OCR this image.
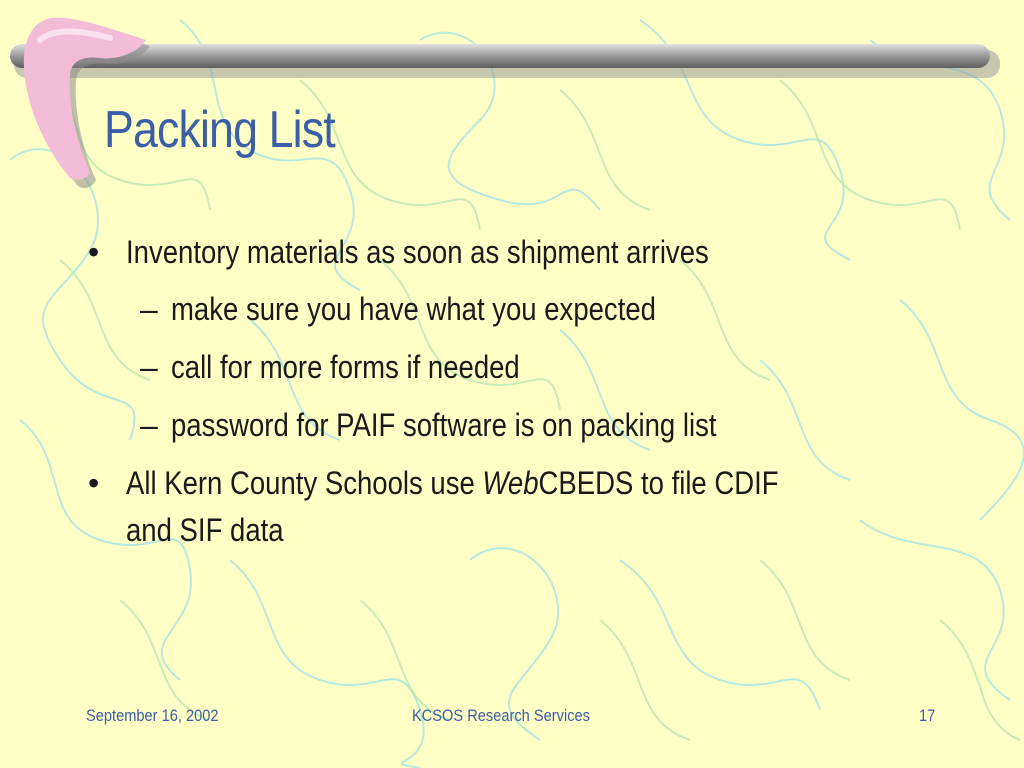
Packing List
• Inventory materials as soon as shipment arrives
– make sure you have what you expected
– call for more forms if needed
– password for PAIF software is on packing list
• All Kern County Schools use WebCBEDS to file CDIF
and SIF data
September 16, 2002	KCSOS Research Services	17
